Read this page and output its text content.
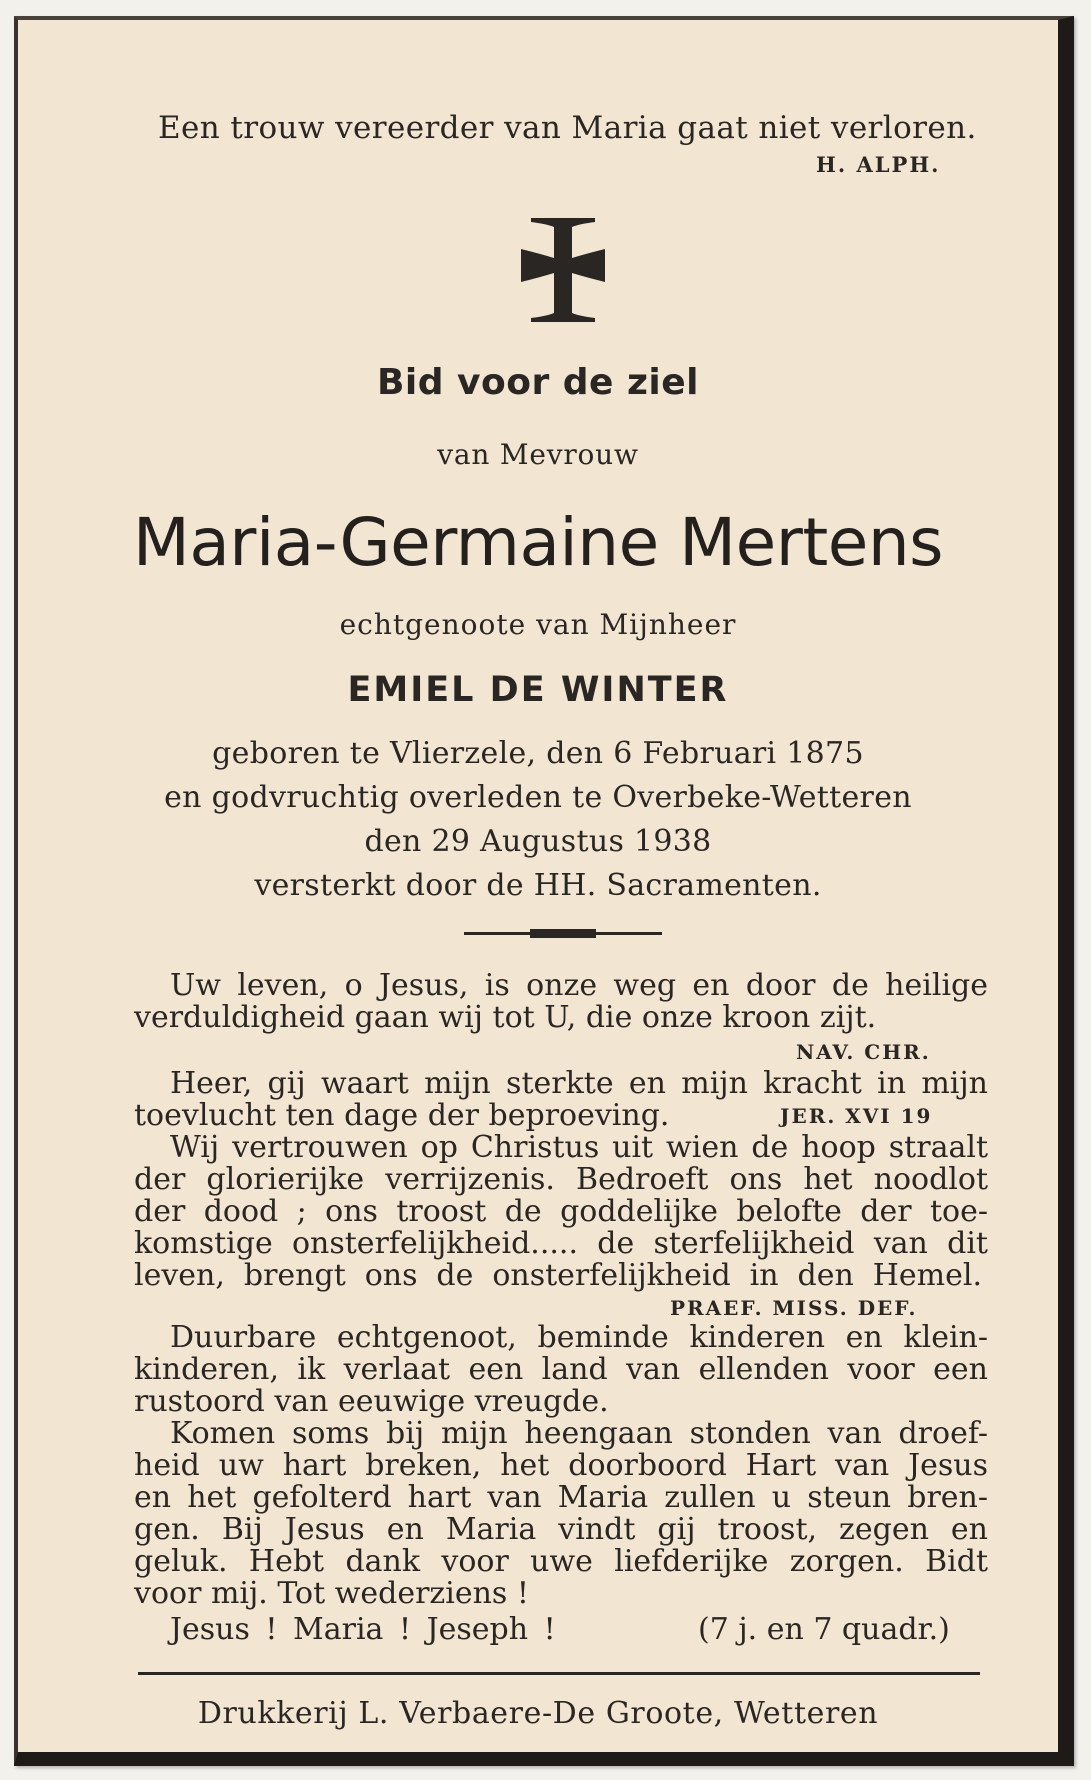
Een trouw vereerder van Maria gaat niet verloren.
H. ALPH.
Bid voor de ziel
van Mevrouw
Maria-Germaine Mertens
echtgenoote van Mijnheer
EMIEL DE WINTER
geboren te Vlierzele, den 6 Februari 1875
en godvruchtig overleden te Overbeke-Wetteren
den 29 Augustus 1938
versterkt door de HH. Sacramenten.
Uw leven, o Jesus, is onze weg en door de heilige
verduldigheid gaan wij tot U, die onze kroon zijt.
NAV. CHR.
Heer, gij waart mijn sterkte en mijn kracht in mijn
toevlucht ten dage der beproeving.	JER. XVI 19
Wij vertrouwen op Christus uit wien de hoop straalt
der glorierijke verrijzenis. Bedroeft ons het noodlot
der dood ; ons troost de goddelijke belofte der toe-
komstige onsterfelijkheid..... de sterfelijkheid van dit
leven, brengt ons de onsterfelijkheid in den Hemel.
PRAEF. MISS. DEF.
Duurbare echtgenoot, beminde kinderen en klein-
kinderen, ik verlaat een land van ellenden voor een
rustoord van eeuwige vreugde.
Komen soms bij mijn heengaan stonden van droef-
heid uw hart breken, het doorboord Hart van Jesus
en het gefolterd hart van Maria zullen u steun bren-
gen. Bij Jesus en Maria vindt gij troost, zegen en
geluk. Hebt dank voor uwe liefderijke zorgen. Bidt
voor mij. Tot wederziens !
Jesus ! Maria ! Jeseph !	(7 j. en 7 quadr.)
Drukkerij L. Verbaere-De Groote, Wetteren
